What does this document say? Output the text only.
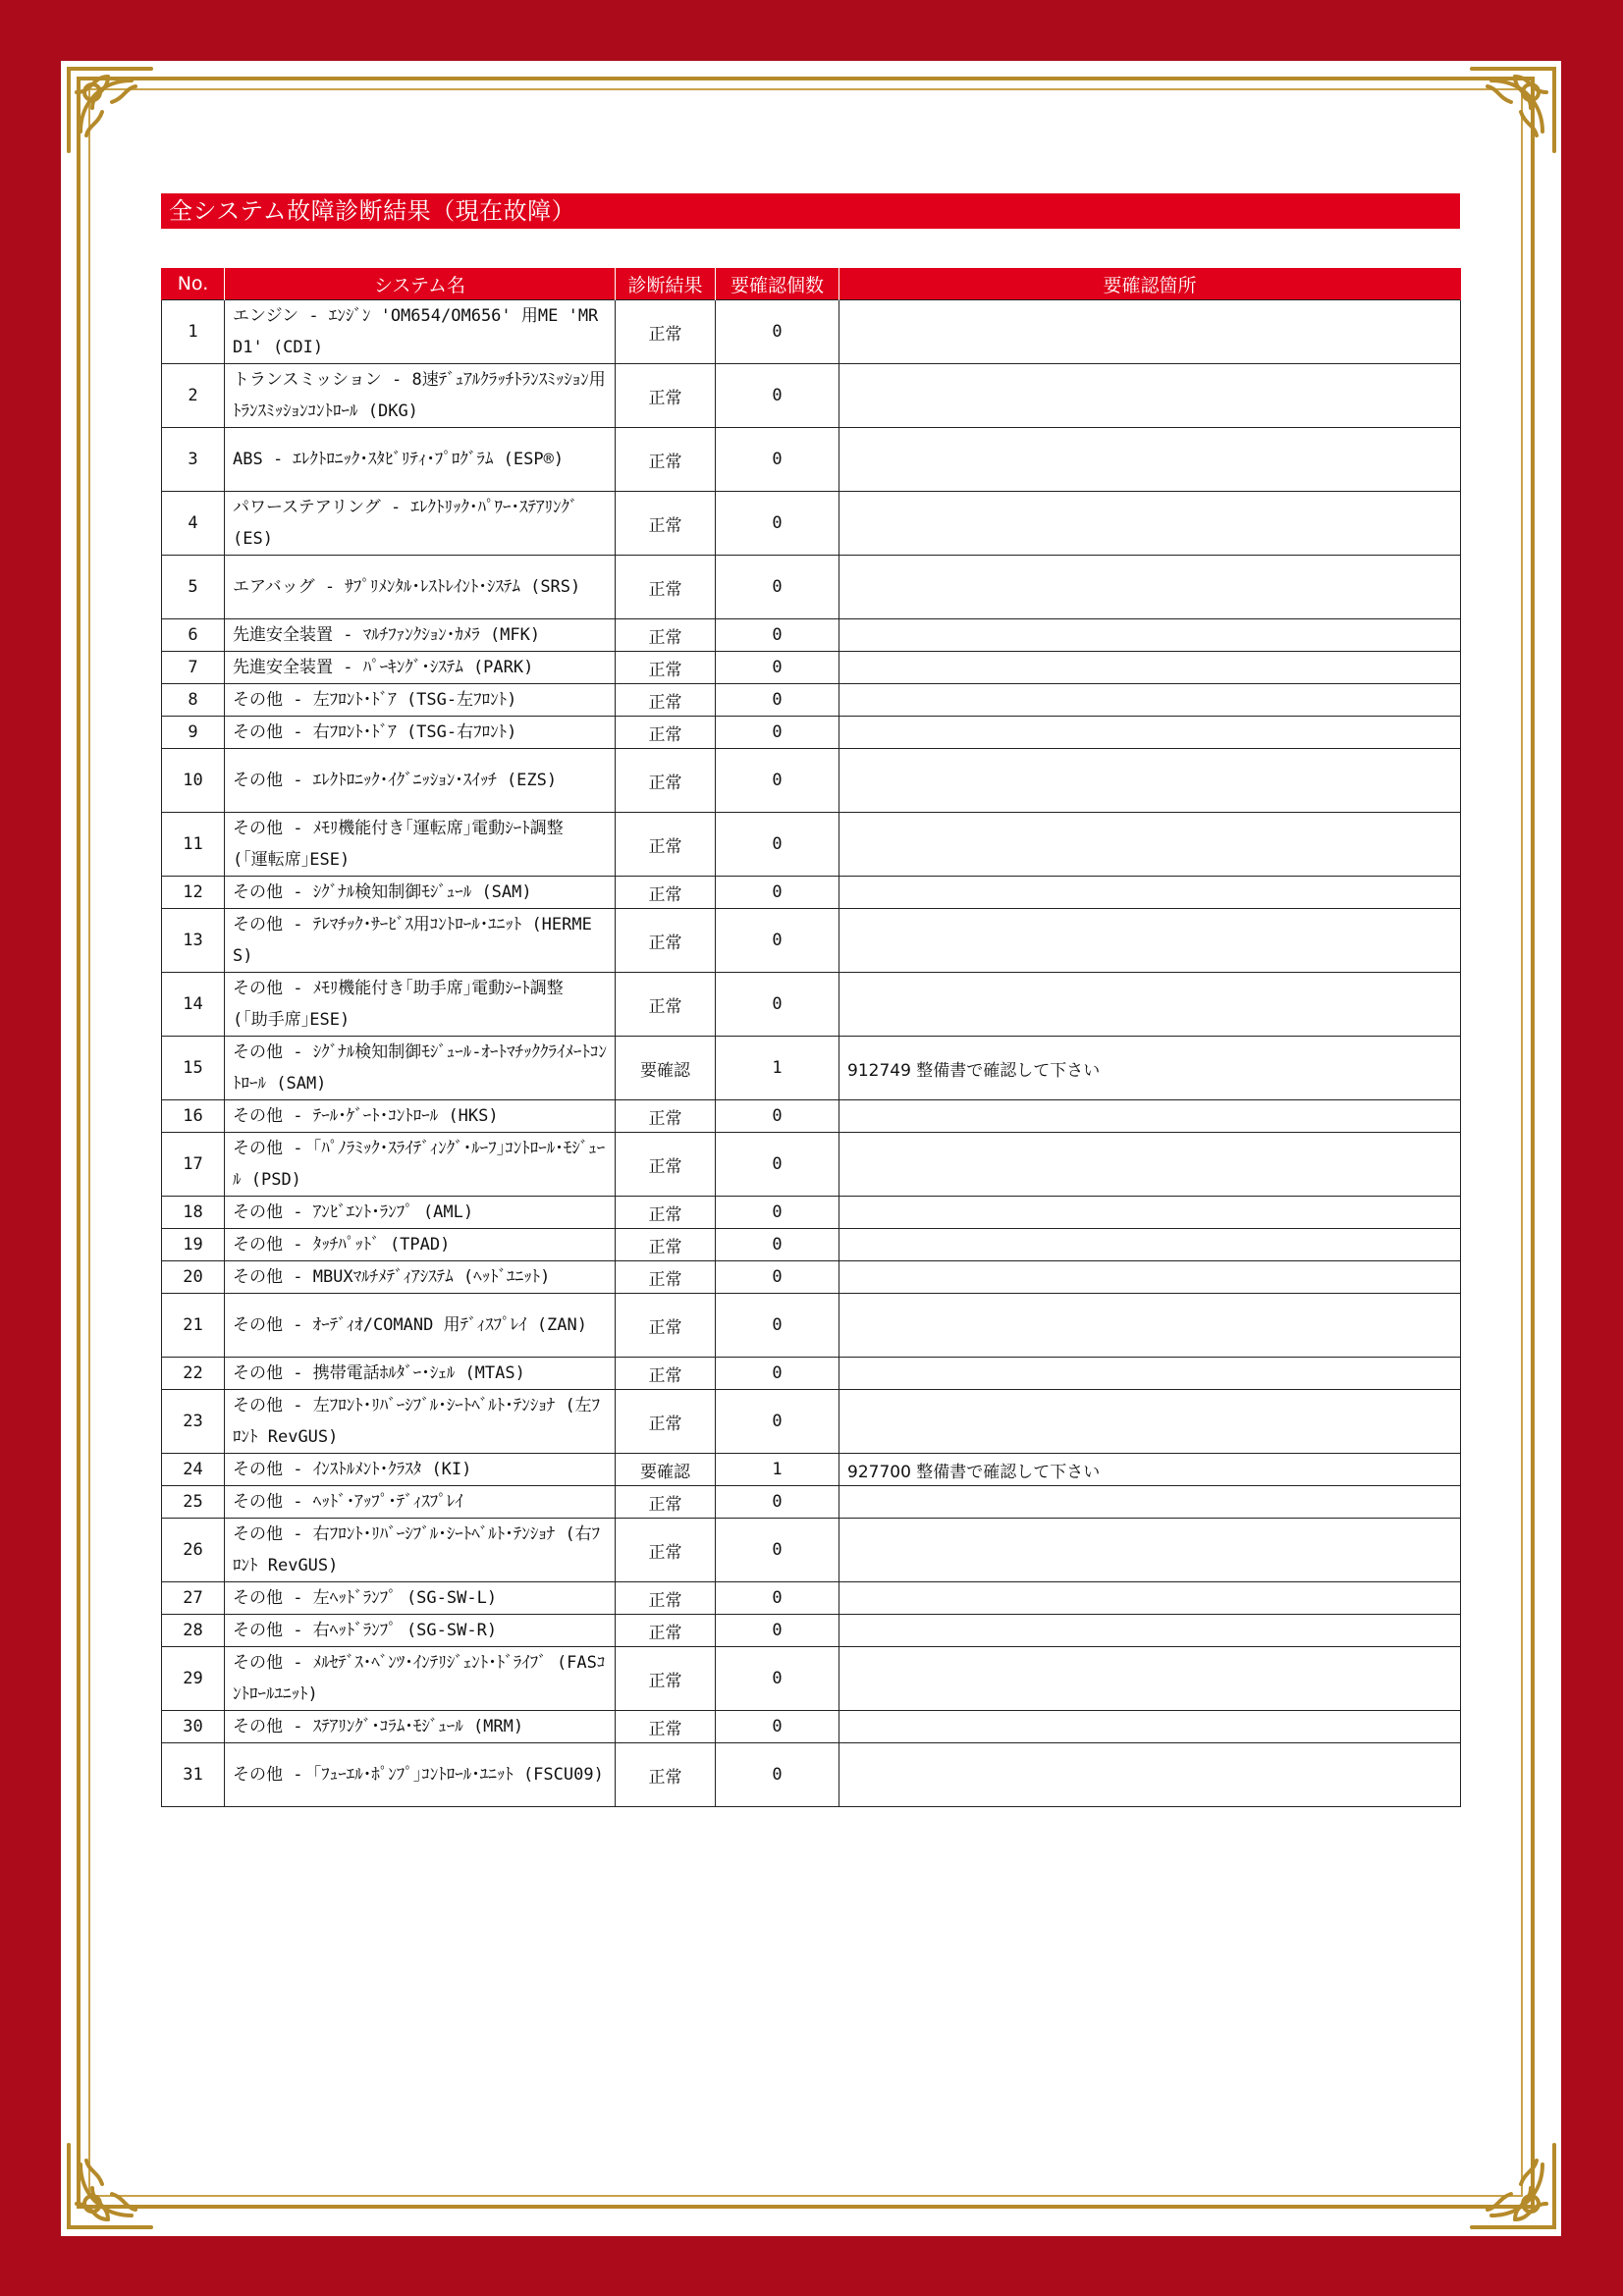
全システム故障診断結果（現在故障）
No.	システム名	診断結果	要確認個数	要確認箇所
1	エンジン - ｴﾝｼﾞﾝ 'OM654/OM656' 用ME 'MRD1' (CDI)	正常	0	
2	トランスミッション - 8速ﾃﾞｭｱﾙｸﾗｯﾁﾄﾗﾝｽﾐｯｼｮﾝ用ﾄﾗﾝｽﾐｯｼｮﾝｺﾝﾄﾛｰﾙ (DKG)	正常	0	
3	ABS - ｴﾚｸﾄﾛﾆｯｸ･ｽﾀﾋﾞﾘﾃｨ･ﾌﾟﾛｸﾞﾗﾑ (ESP®)	正常	0	
4	パワーステアリング - ｴﾚｸﾄﾘｯｸ･ﾊﾟﾜｰ･ｽﾃｱﾘﾝｸﾞ (ES)	正常	0	
5	エアバッグ - ｻﾌﾟﾘﾒﾝﾀﾙ･ﾚｽﾄﾚｲﾝﾄ･ｼｽﾃﾑ (SRS)	正常	0	
6	先進安全装置 - ﾏﾙﾁﾌｧﾝｸｼｮﾝ･ｶﾒﾗ (MFK)	正常	0	
7	先進安全装置 - ﾊﾟｰｷﾝｸﾞ･ｼｽﾃﾑ (PARK)	正常	0	
8	その他 - 左ﾌﾛﾝﾄ･ﾄﾞｱ (TSG-左ﾌﾛﾝﾄ)	正常	0	
9	その他 - 右ﾌﾛﾝﾄ･ﾄﾞｱ (TSG-右ﾌﾛﾝﾄ)	正常	0	
10	その他 - ｴﾚｸﾄﾛﾆｯｸ･ｲｸﾞﾆｯｼｮﾝ･ｽｲｯﾁ (EZS)	正常	0	
11	その他 - ﾒﾓﾘ機能付き｢運転席｣電動ｼｰﾄ調整 (｢運転席｣ESE)	正常	0	
12	その他 - ｼｸﾞﾅﾙ検知制御ﾓｼﾞｭｰﾙ (SAM)	正常	0	
13	その他 - ﾃﾚﾏﾁｯｸ･ｻｰﾋﾞｽ用ｺﾝﾄﾛｰﾙ･ﾕﾆｯﾄ (HERMES)	正常	0	
14	その他 - ﾒﾓﾘ機能付き｢助手席｣電動ｼｰﾄ調整 (｢助手席｣ESE)	正常	0	
15	その他 - ｼｸﾞﾅﾙ検知制御ﾓｼﾞｭｰﾙ-ｵｰﾄﾏﾁｯｸｸﾗｲﾒｰﾄｺﾝﾄﾛｰﾙ (SAM)	要確認	1	912749 整備書で確認して下さい
16	その他 - ﾃｰﾙ･ｹﾞｰﾄ･ｺﾝﾄﾛｰﾙ (HKS)	正常	0	
17	その他 - ｢ﾊﾟﾉﾗﾐｯｸ･ｽﾗｲﾃﾞｨﾝｸﾞ･ﾙｰﾌ｣ｺﾝﾄﾛｰﾙ･ﾓｼﾞｭｰﾙ (PSD)	正常	0	
18	その他 - ｱﾝﾋﾞｴﾝﾄ･ﾗﾝﾌﾟ (AML)	正常	0	
19	その他 - ﾀｯﾁﾊﾟｯﾄﾞ (TPAD)	正常	0	
20	その他 - MBUXﾏﾙﾁﾒﾃﾞｨｱｼｽﾃﾑ (ﾍｯﾄﾞﾕﾆｯﾄ)	正常	0	
21	その他 - ｵｰﾃﾞｨｵ/COMAND 用ﾃﾞｨｽﾌﾟﾚｲ (ZAN)	正常	0	
22	その他 - 携帯電話ﾎﾙﾀﾞｰ･ｼｪﾙ (MTAS)	正常	0	
23	その他 - 左ﾌﾛﾝﾄ･ﾘﾊﾞｰｼﾌﾞﾙ･ｼｰﾄﾍﾞﾙﾄ･ﾃﾝｼｮﾅ (左ﾌﾛﾝﾄ RevGUS)	正常	0	
24	その他 - ｲﾝｽﾄﾙﾒﾝﾄ･ｸﾗｽﾀ (KI)	要確認	1	927700 整備書で確認して下さい
25	その他 - ﾍｯﾄﾞ･ｱｯﾌﾟ･ﾃﾞｨｽﾌﾟﾚｲ	正常	0	
26	その他 - 右ﾌﾛﾝﾄ･ﾘﾊﾞｰｼﾌﾞﾙ･ｼｰﾄﾍﾞﾙﾄ･ﾃﾝｼｮﾅ (右ﾌﾛﾝﾄ RevGUS)	正常	0	
27	その他 - 左ﾍｯﾄﾞﾗﾝﾌﾟ (SG-SW-L)	正常	0	
28	その他 - 右ﾍｯﾄﾞﾗﾝﾌﾟ (SG-SW-R)	正常	0	
29	その他 - ﾒﾙｾﾃﾞｽ･ﾍﾞﾝﾂ･ｲﾝﾃﾘｼﾞｪﾝﾄ･ﾄﾞﾗｲﾌﾞ (FASｺﾝﾄﾛｰﾙﾕﾆｯﾄ)	正常	0	
30	その他 - ｽﾃｱﾘﾝｸﾞ･ｺﾗﾑ･ﾓｼﾞｭｰﾙ (MRM)	正常	0	
31	その他 - ｢ﾌｭｰｴﾙ･ﾎﾟﾝﾌﾟ｣ｺﾝﾄﾛｰﾙ･ﾕﾆｯﾄ (FSCU09)	正常	0	
